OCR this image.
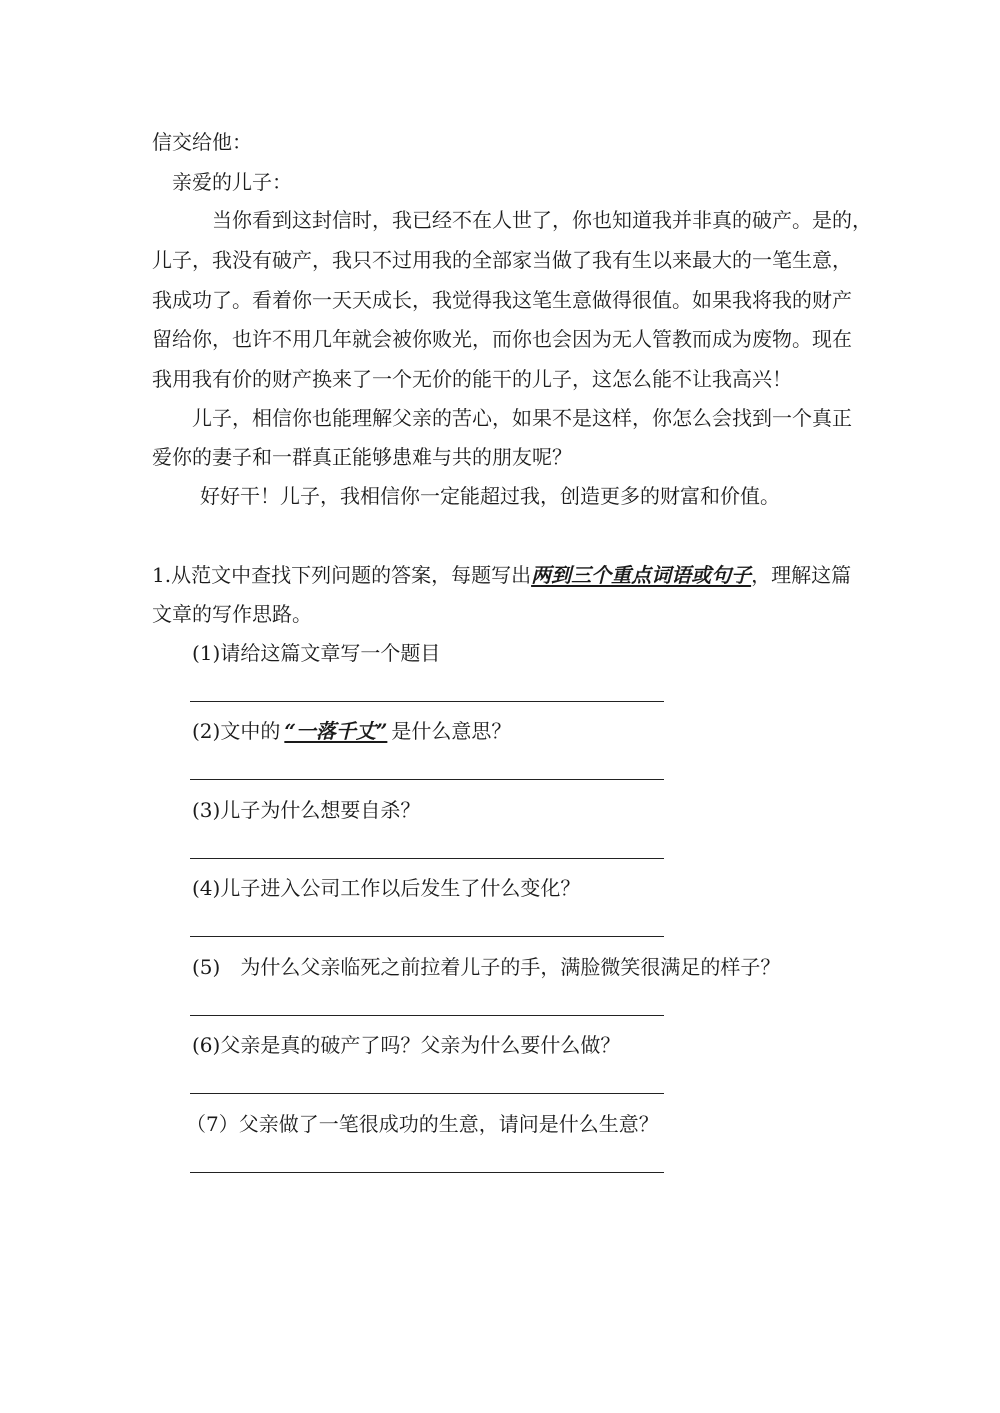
信交给他：

亲爱的儿子：

当你看到这封信时，我已经不在人世了，你也知道我并非真的破产。是的，

儿子，我没有破产，我只不过用我的全部家当做了我有生以来最大的一笔生意，

我成功了。看着你一天天成长，我觉得我这笔生意做得很值。如果我将我的财产

留给你，也许不用几年就会被你败光，而你也会因为无人管教而成为废物。现在

我用我有价的财产换来了一个无价的能干的儿子，这怎么能不让我高兴！

儿子，相信你也能理解父亲的苦心，如果不是这样，你怎么会找到一个真正

爱你的妻子和一群真正能够患难与共的朋友呢？

好好干！儿子，我相信你一定能超过我，创造更多的财富和价值。

1.从范文中查找下列问题的答案，每题写出两到三个重点词语或句子，理解这篇

文章的写作思路。

(1)请给这篇文章写一个题目

(2)文中的 “一落千丈” 是什么意思？

(3)儿子为什么想要自杀？

(4)儿子进入公司工作以后发生了什么变化？

(5)　为什么父亲临死之前拉着儿子的手，满脸微笑很满足的样子？

(6)父亲是真的破产了吗？父亲为什么要什么做？

（7）父亲做了一笔很成功的生意，请问是什么生意？
